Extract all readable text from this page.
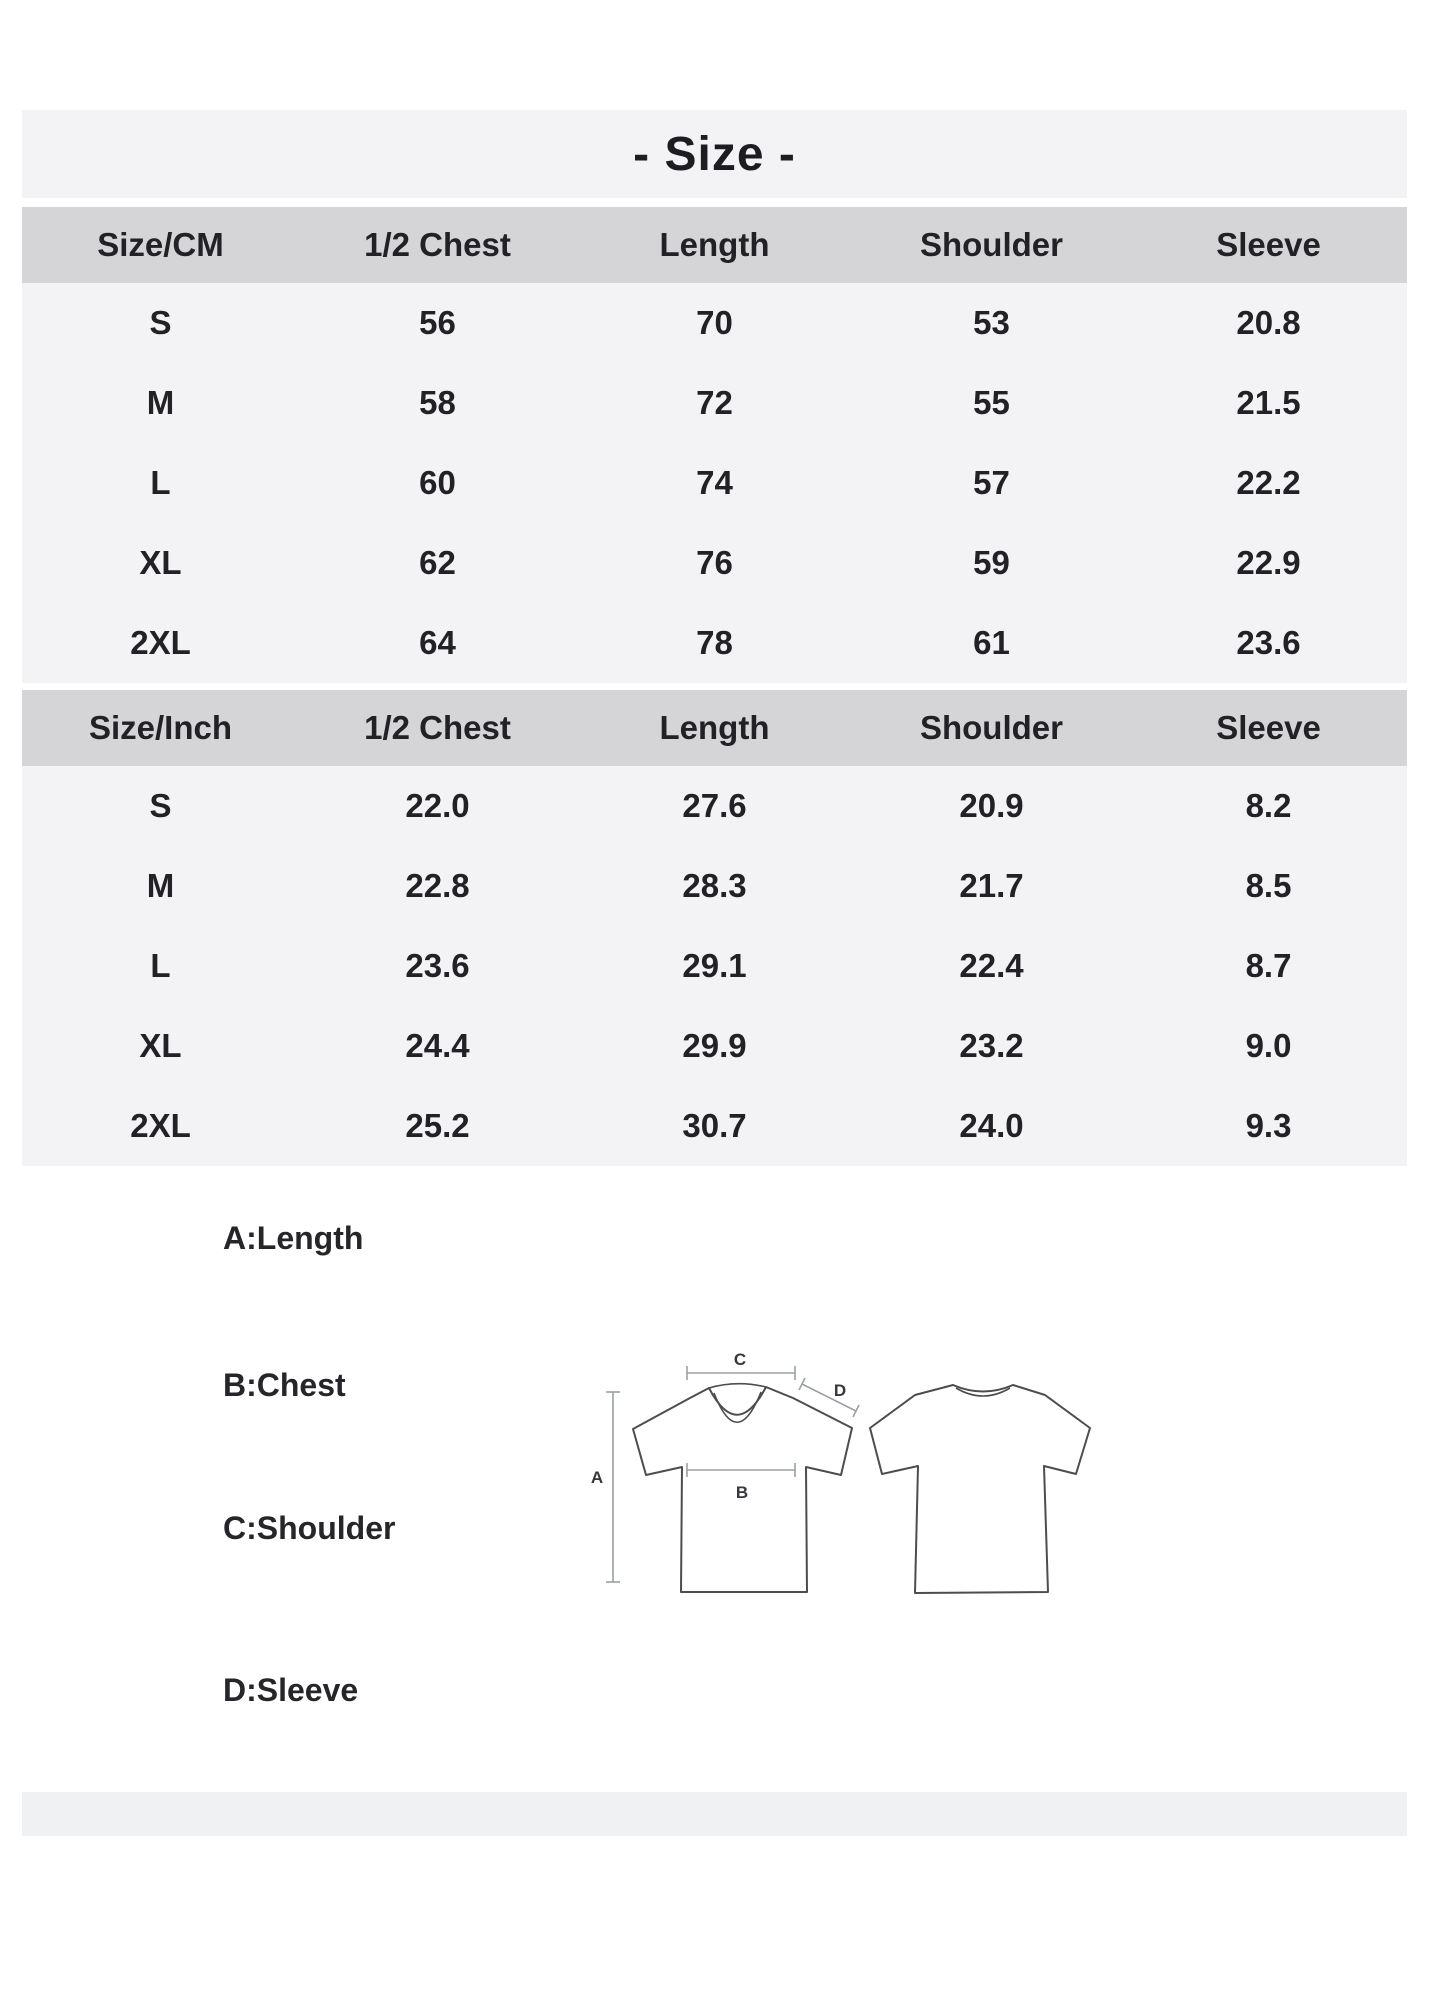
- Size -
Size/CM	1/2 Chest	Length	Shoulder	Sleeve
S	56	70	53	20.8
M	58	72	55	21.5
L	60	74	57	22.2
XL	62	76	59	22.9
2XL	64	78	61	23.6
Size/Inch	1/2 Chest	Length	Shoulder	Sleeve
S	22.0	27.6	20.9	8.2
M	22.8	28.3	21.7	8.5
L	23.6	29.1	22.4	8.7
XL	24.4	29.9	23.2	9.0
2XL	25.2	30.7	24.0	9.3
A:Length
B:Chest
C:Shoulder
D:Sleeve
C
D
A
B
